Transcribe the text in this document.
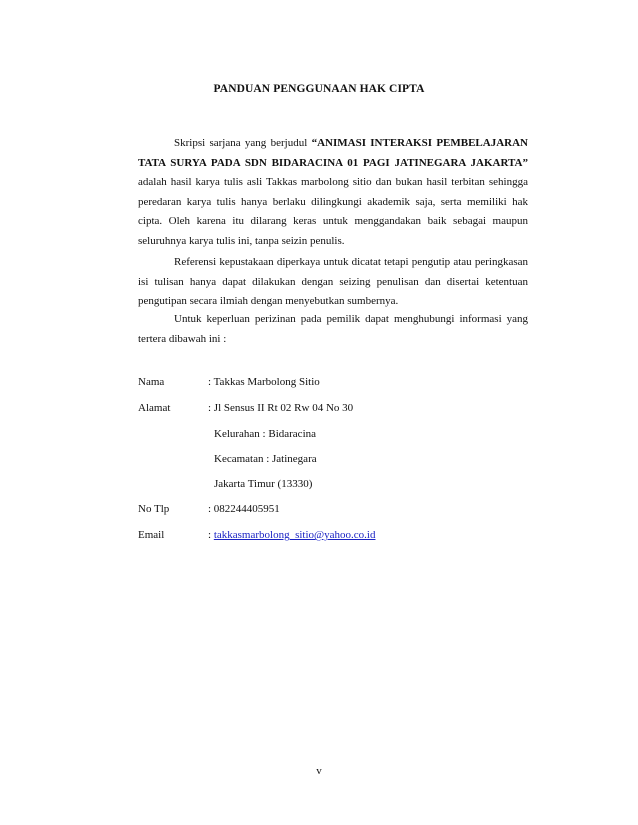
PANDUAN PENGGUNAAN HAK CIPTA
Skripsi sarjana yang berjudul “ANIMASI INTERAKSI PEMBELAJARAN TATA SURYA PADA SDN BIDARACINA 01 PAGI JATINEGARA JAKARTA” adalah hasil karya tulis asli Takkas marbolong sitio dan bukan hasil terbitan sehingga peredaran karya tulis hanya berlaku dilingkungi akademik saja, serta memiliki hak cipta. Oleh karena itu dilarang keras untuk menggandakan baik sebagai maupun seluruhnya karya tulis ini, tanpa seizin penulis.
Referensi kepustakaan diperkaya untuk dicatat tetapi pengutip atau peringkasan isi tulisan hanya dapat dilakukan dengan seizing penulisan dan disertai ketentuan pengutipan secara ilmiah dengan menyebutkan sumbernya.
Untuk keperluan perizinan pada pemilik dapat menghubungi informasi yang tertera dibawah ini :
Nama	: Takkas Marbolong Sitio
Alamat	: Jl Sensus II Rt 02 Rw 04 No 30
Kelurahan : Bidaracina
Kecamatan : Jatinegara
Jakarta Timur (13330)
No Tlp	: 082244405951
Email	: takkasmarbolong_sitio@yahoo.co.id
v
